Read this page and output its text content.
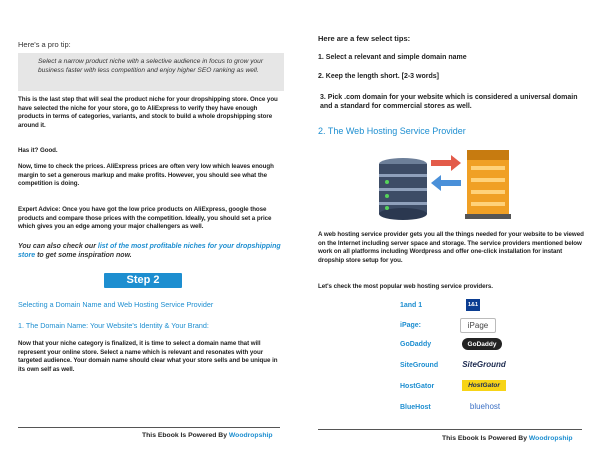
Here's a pro tip:

Select a narrow product niche with a selective audience in focus to grow your business faster with less competition and enjoy higher SEO ranking as well.

This is the last step that will seal the product niche for your dropshipping store. Once you have selected the niche for your store, go to AliExpress to verify they have enough products in terms of categories, variants, and stock to build a whole dropshipping store around it.

Has it? Good.

Now, time to check the prices. AliExpress prices are often very low which leaves enough margin to set a generous markup and make profits. However, you should see what the competition is doing.

Expert Advice: Once you have got the low price products on AliExpress, google those products and compare those prices with the competition. Ideally, you should set a price which gives you an edge among your major challengers as well.

You can also check our list of the most profitable niches for your dropshipping store to get some inspiration now.

Step 2

Selecting a Domain Name and Web Hosting Service Provider

1. The Domain Name: Your Website's Identity & Your Brand:

Now that your niche category is finalized, it is time to select a domain name that will represent your online store. Select a name which is relevant and resonates with your targeted audience. Your domain name should clear what your store sells and be unique in its own self as well.

This Ebook Is Powered By Woodropship

Here are a few select tips:

1. Select a relevant and simple domain name

2. Keep the length short. [2-3 words]

3. Pick .com domain for your website which is considered a universal domain and a standard for commercial stores as well.

2. The Web Hosting Service Provider

A web hosting service provider gets you all the things needed for your website to be viewed on the Internet including server space and storage. The service providers mentioned below work on all platforms including Wordpress and offer one-click installation for instant dropship store setup for you.

Let's check the most popular web hosting service providers.

1and 1	1&1

iPage:	iPage

GoDaddy	GoDaddy

SiteGround	SiteGround

HostGator	HostGator

BlueHost	bluehost

This Ebook Is Powered By Woodropship
